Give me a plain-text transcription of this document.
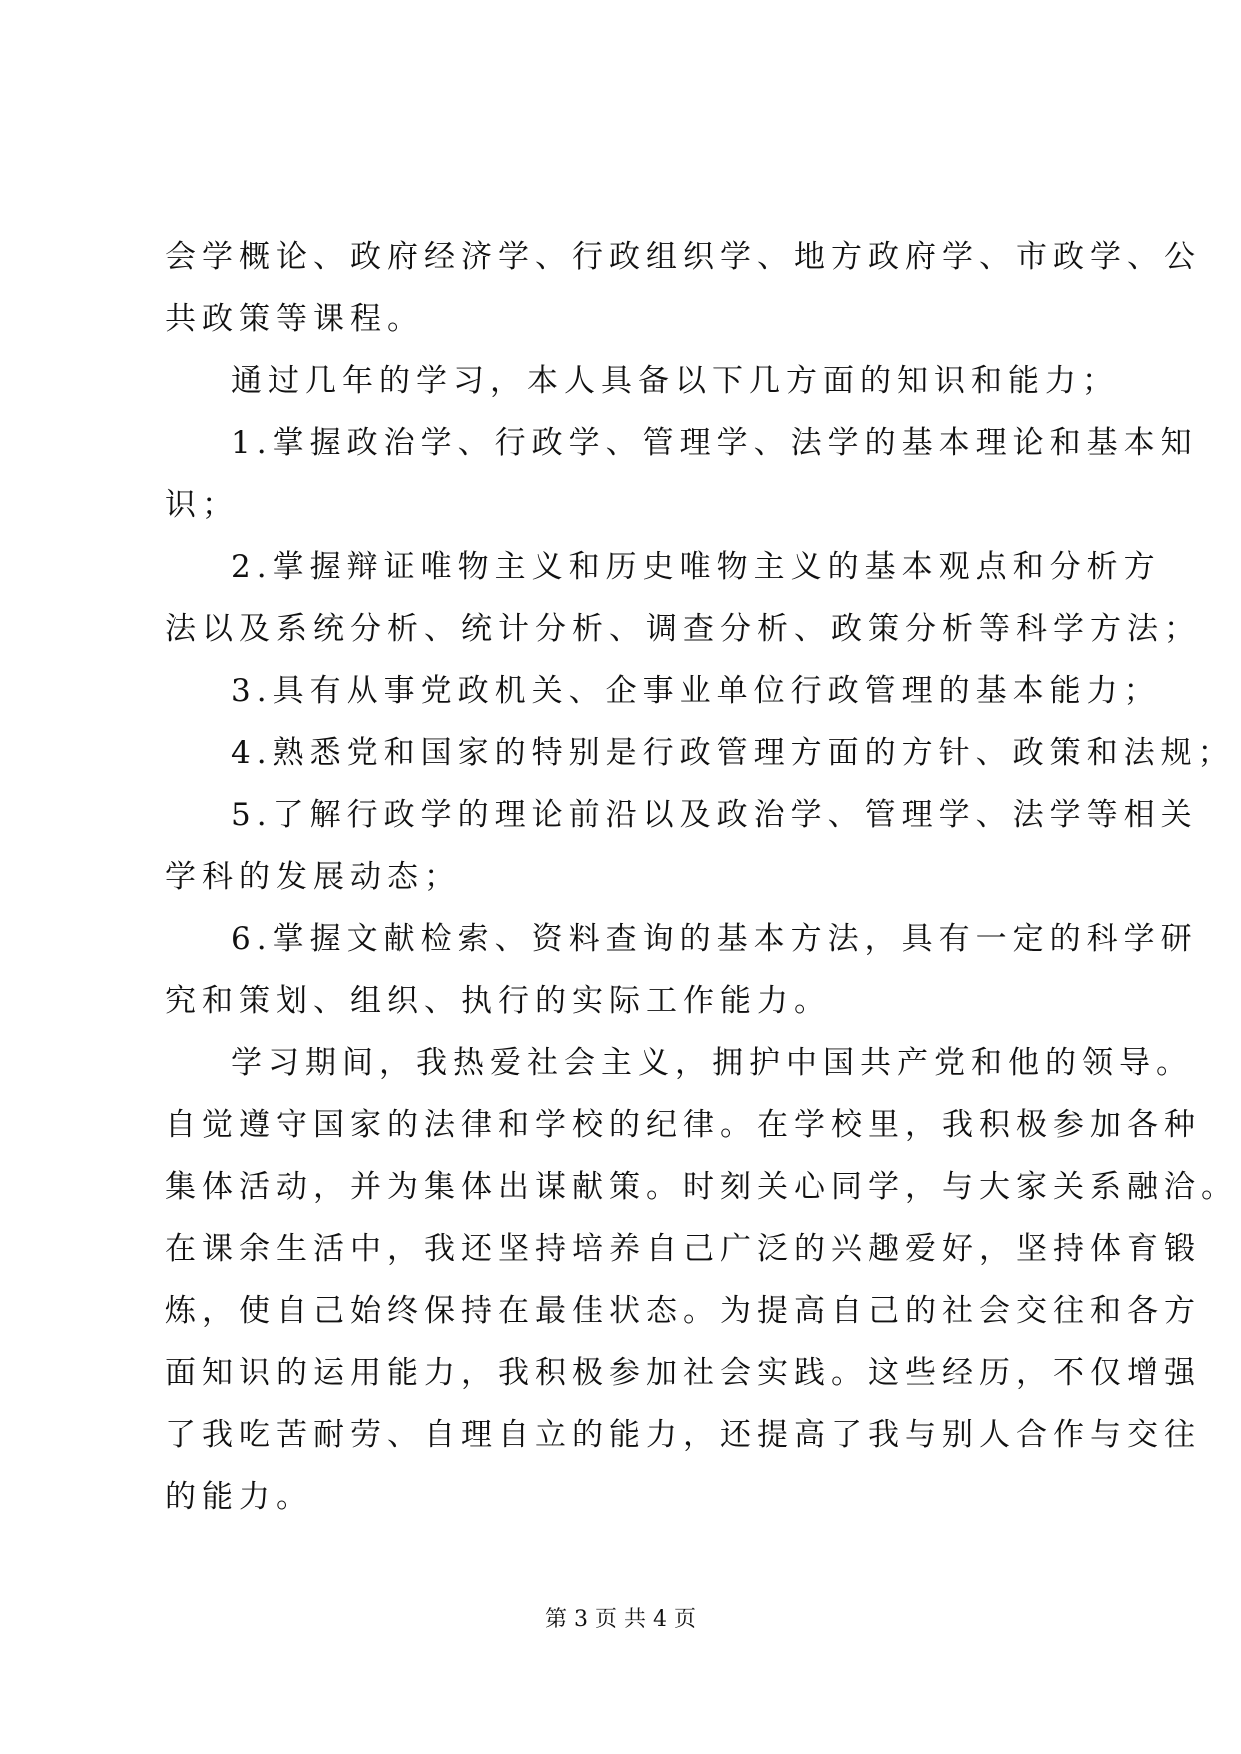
会学概论、政府经济学、行政组织学、地方政府学、市政学、公
共政策等课程。
通过几年的学习，本人具备以下几方面的知识和能力；
1.掌握政治学、行政学、管理学、法学的基本理论和基本知
识；
2.掌握辩证唯物主义和历史唯物主义的基本观点和分析方
法以及系统分析、统计分析、调查分析、政策分析等科学方法；
3.具有从事党政机关、企事业单位行政管理的基本能力；
4.熟悉党和国家的特别是行政管理方面的方针、政策和法规；
5.了解行政学的理论前沿以及政治学、管理学、法学等相关
学科的发展动态；
6.掌握文献检索、资料查询的基本方法，具有一定的科学研
究和策划、组织、执行的实际工作能力。
学习期间，我热爱社会主义，拥护中国共产党和他的领导。
自觉遵守国家的法律和学校的纪律。在学校里，我积极参加各种
集体活动，并为集体出谋献策。时刻关心同学，与大家关系融洽。
在课余生活中，我还坚持培养自己广泛的兴趣爱好，坚持体育锻
炼，使自己始终保持在最佳状态。为提高自己的社会交往和各方
面知识的运用能力，我积极参加社会实践。这些经历，不仅增强
了我吃苦耐劳、自理自立的能力，还提高了我与别人合作与交往
的能力。
第 3 页 共 4 页
